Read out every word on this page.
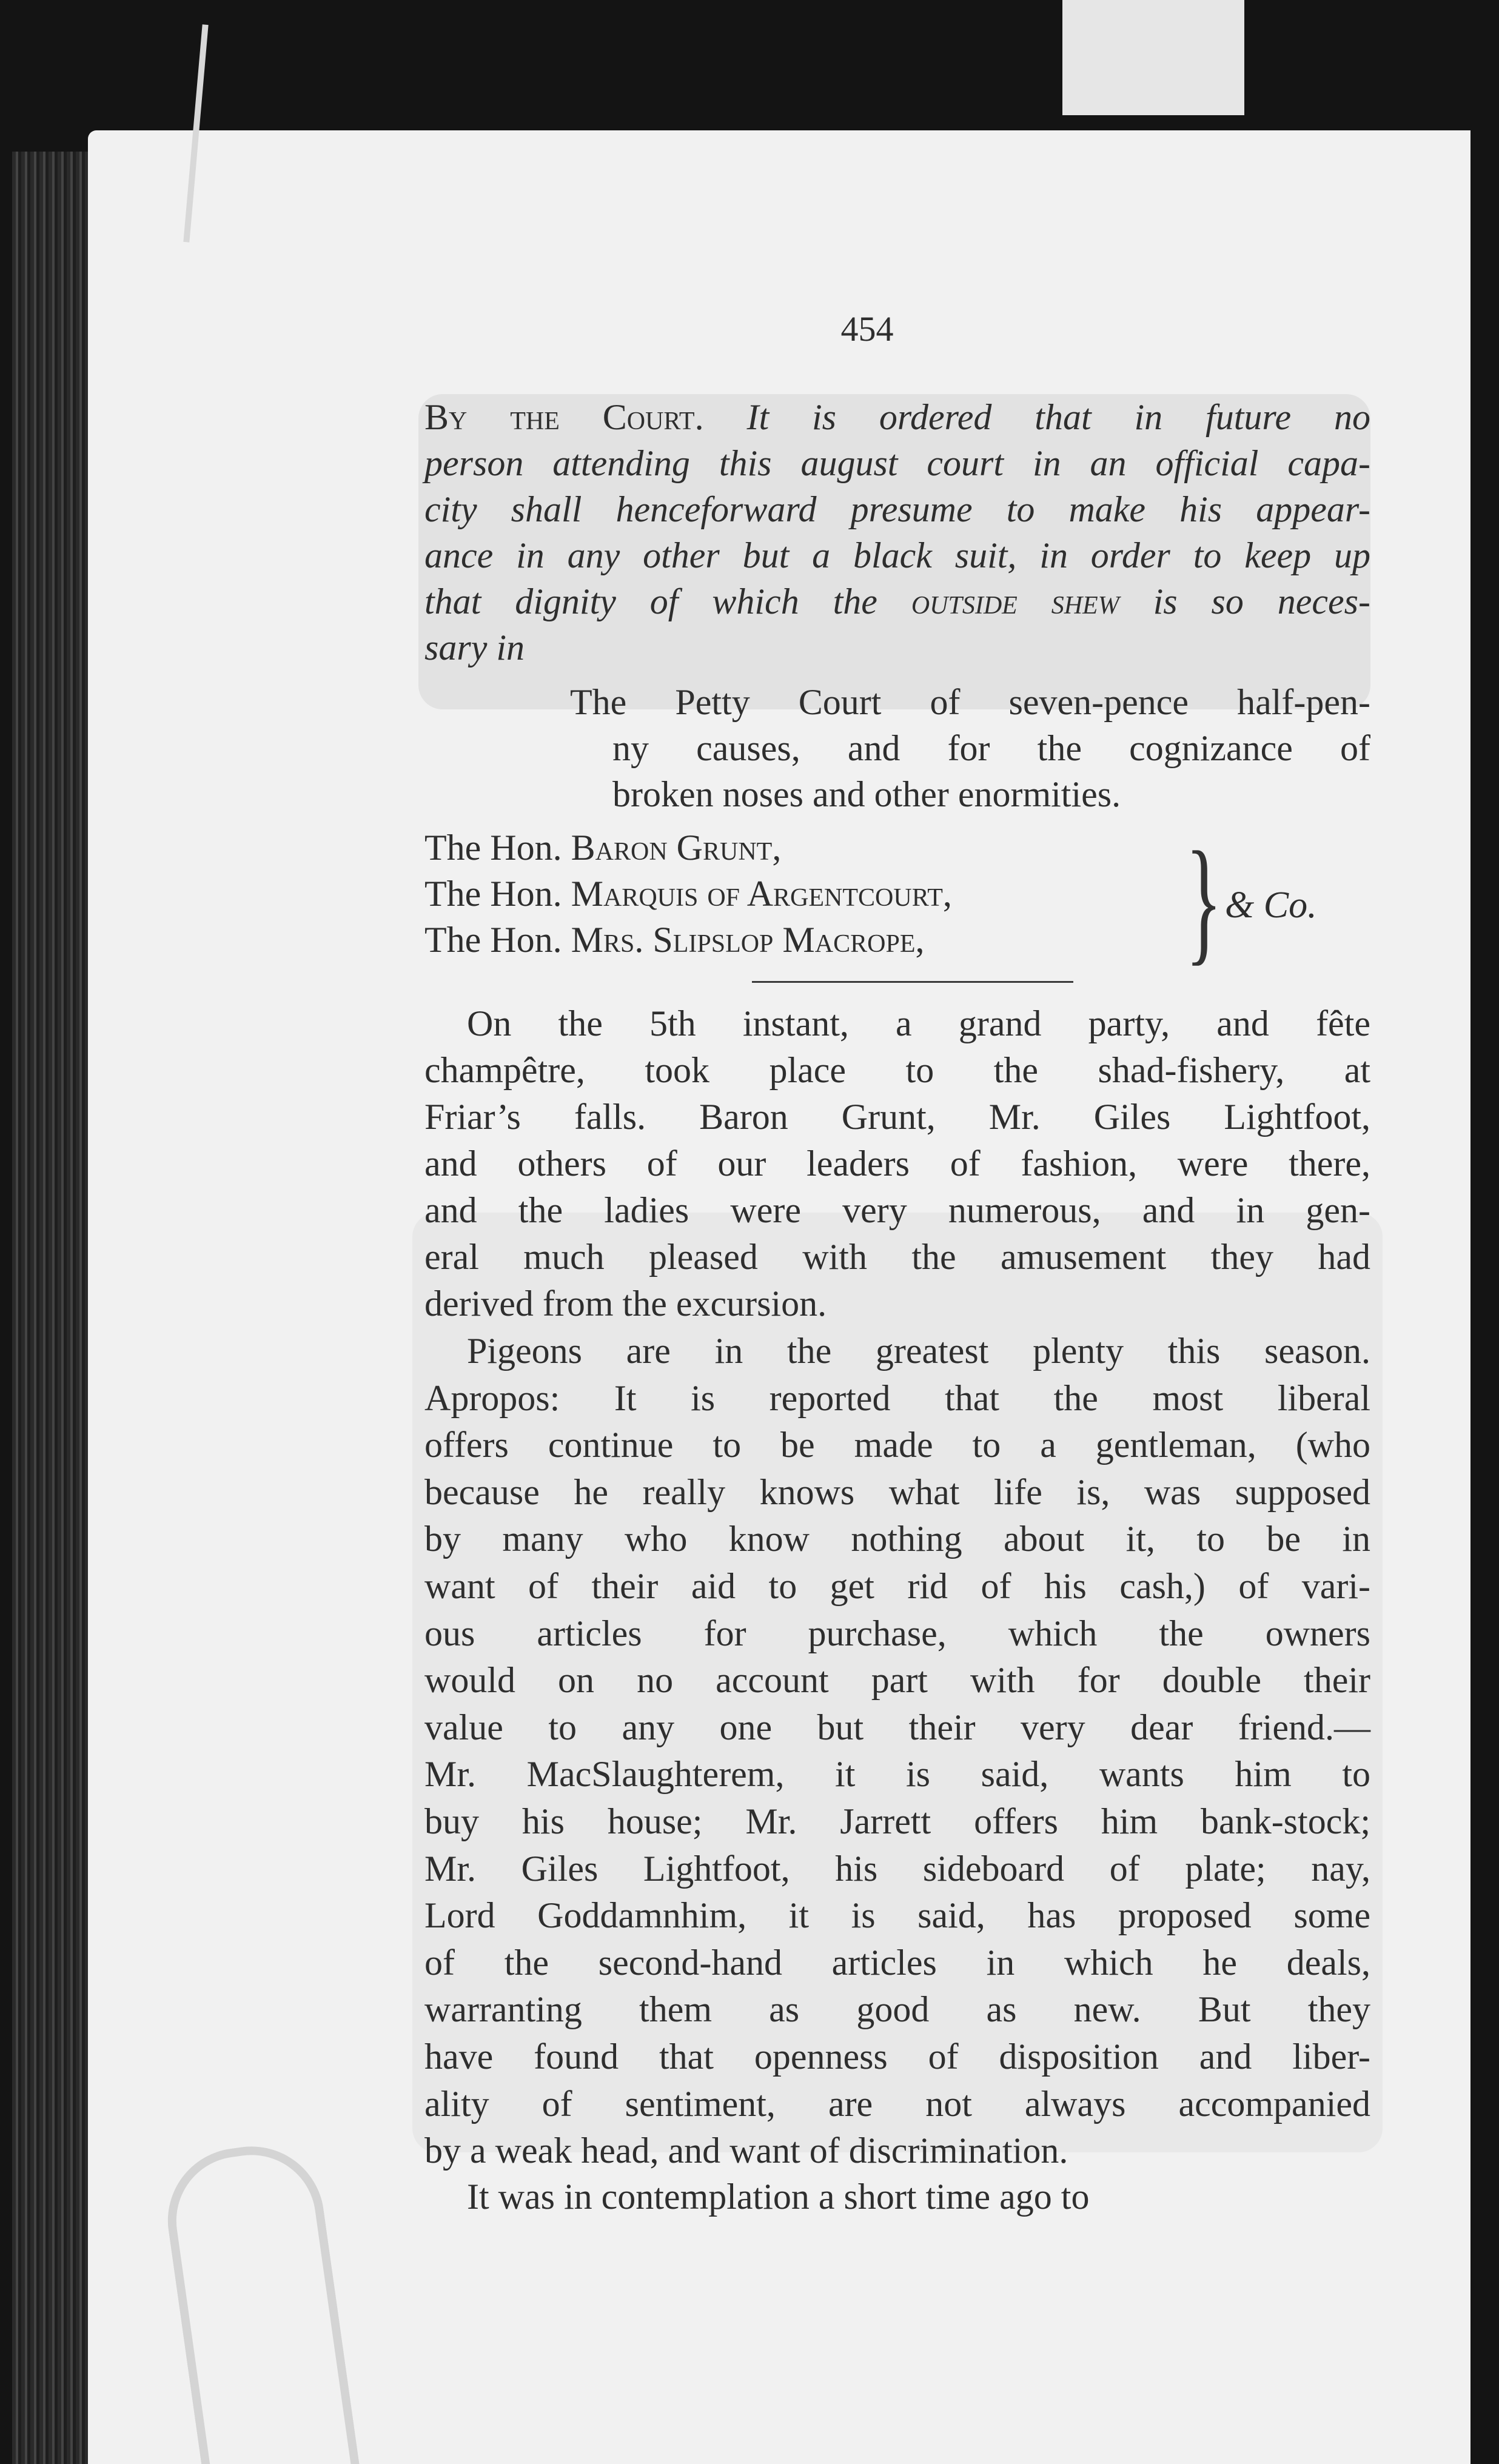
454
By the Court. It is ordered that in future no
person attending this august court in an official capa-
city shall henceforward presume to make his appear-
ance in any other but a black suit, in order to keep up
that dignity of which the outside shew is so neces-
sary in
The Petty Court of seven-pence half-pen-
ny causes, and for the cognizance of
broken noses and other enormities.
The Hon. Baron Grunt,
The Hon. Marquis of Argentcourt,
The Hon. Mrs. Slipslop Macrope,	} & Co.
On the 5th instant, a grand party, and fête
champêtre, took place to the shad-fishery, at
Friar’s falls. Baron Grunt, Mr. Giles Lightfoot,
and others of our leaders of fashion, were there,
and the ladies were very numerous, and in gen-
eral much pleased with the amusement they had
derived from the excursion.
Pigeons are in the greatest plenty this season.
Apropos: It is reported that the most liberal
offers continue to be made to a gentleman, (who
because he really knows what life is, was supposed
by many who know nothing about it, to be in
want of their aid to get rid of his cash,) of vari-
ous articles for purchase, which the owners
would on no account part with for double their
value to any one but their very dear friend.—
Mr. MacSlaughterem, it is said, wants him to
buy his house; Mr. Jarrett offers him bank-stock;
Mr. Giles Lightfoot, his sideboard of plate; nay,
Lord Goddamnhim, it is said, has proposed some
of the second-hand articles in which he deals,
warranting them as good as new. But they
have found that openness of disposition and liber-
ality of sentiment, are not always accompanied
by a weak head, and want of discrimination.
It was in contemplation a short time ago to
